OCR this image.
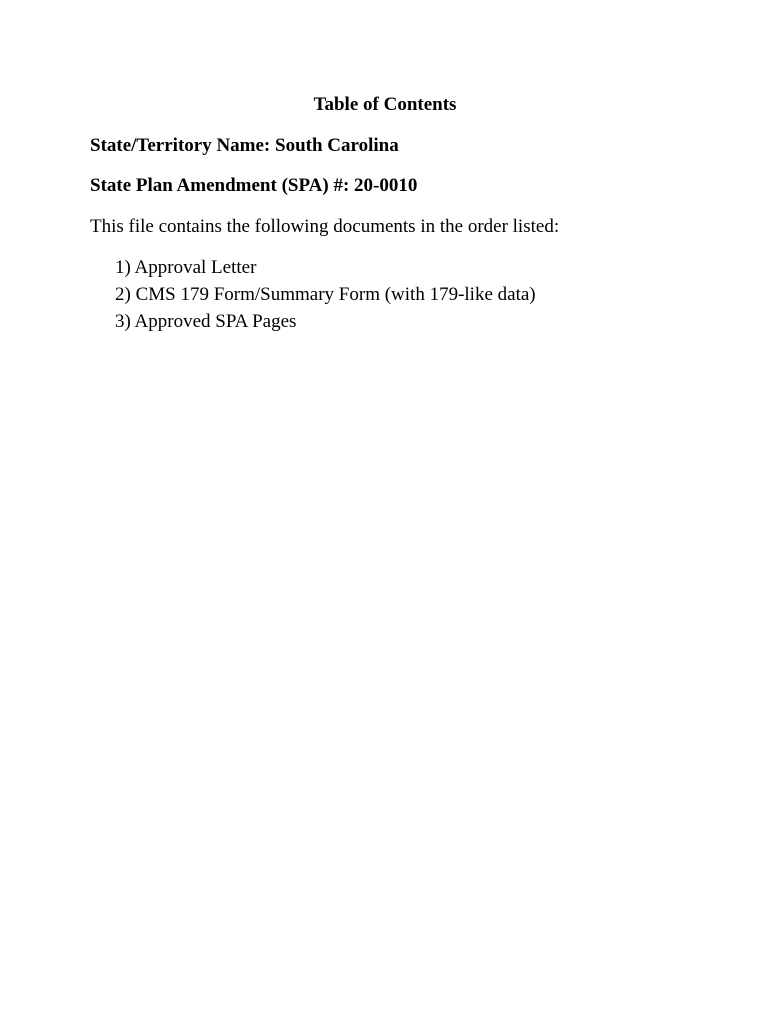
Table of Contents
State/Territory Name: South Carolina
State Plan Amendment (SPA) #: 20-0010
This file contains the following documents in the order listed:
1) Approval Letter
2) CMS 179 Form/Summary Form (with 179-like data)
3) Approved SPA Pages
